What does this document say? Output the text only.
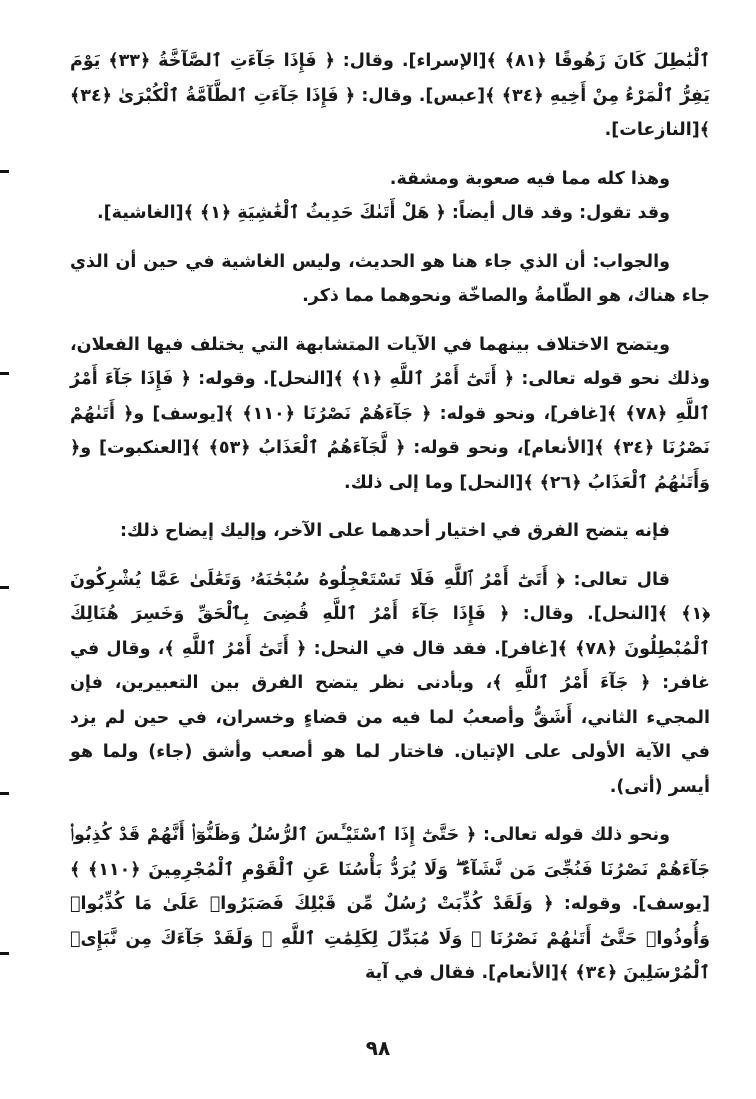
ٱلْبَٰطِلَ كَانَ زَهُوقًا ﴿٨١﴾ ﴾[الإسراء]. وقال: ﴿ فَإِذَا جَآءَتِ ٱلصَّآخَّةُ ﴿٣٣﴾ يَوْمَ يَفِرُّ ٱلْمَرْءُ مِنْ أَخِيهِ ﴿٣٤﴾ ﴾[عبس]. وقال: ﴿ فَإِذَا جَآءَتِ ٱلطَّآمَّةُ ٱلْكُبْرَىٰ ﴿٣٤﴾ ﴾[النازعات].

وهذا كله مما فيه صعوبة ومشقة.

وقد تقول: وقد قال أيضاً: ﴿ هَلْ أَتَىٰكَ حَدِيثُ ٱلْغَٰشِيَةِ ﴿١﴾ ﴾[الغاشية].

والجواب: أن الذي جاء هنا هو الحديث، وليس الغاشية في حين أن الذي جاء هناك، هو الطّامةُ والصاخّة ونحوهما مما ذكر.

ويتضح الاختلاف بينهما في الآيات المتشابهة التي يختلف فيها الفعلان، وذلك نحو قوله تعالى: ﴿ أَتَىٰٓ أَمْرُ ٱللَّهِ ﴿١﴾ ﴾[النحل]. وقوله: ﴿ فَإِذَا جَآءَ أَمْرُ ٱللَّهِ ﴿٧٨﴾ ﴾[غافر]، ونحو قوله: ﴿ جَآءَهُمْ نَصْرُنَا ﴿١١٠﴾ ﴾[يوسف] و﴿ أَتَىٰهُمْ نَصْرُنَا ﴿٣٤﴾ ﴾[الأنعام]، ونحو قوله: ﴿ لَّجَآءَهُمُ ٱلْعَذَابُ ﴿٥٣﴾ ﴾[العنكبوت] و﴿ وَأَتَىٰهُمُ ٱلْعَذَابُ ﴿٢٦﴾ ﴾[النحل] وما إلى ذلك.

فإنه يتضح الفرق في اختيار أحدهما على الآخر، وإليك إيضاح ذلك:

قال تعالى: ﴿ أَتَىٰٓ أَمْرُ ٱللَّهِ فَلَا تَسْتَعْجِلُوهُ سُبْحَٰنَهُۥ وَتَعَٰلَىٰ عَمَّا يُشْرِكُونَ ﴿١﴾ ﴾[النحل]. وقال: ﴿ فَإِذَا جَآءَ أَمْرُ ٱللَّهِ قُضِىَ بِٱلْحَقِّ وَخَسِرَ هُنَالِكَ ٱلْمُبْطِلُونَ ﴿٧٨﴾ ﴾[غافر]. فقد قال في النحل: ﴿ أَتَىٰٓ أَمْرُ ٱللَّهِ ﴾، وقال في غافر: ﴿ جَآءَ أَمْرُ ٱللَّهِ ﴾، وبأدنى نظر يتضح الفرق بين التعبيرين، فإن المجيء الثاني، أَشَقُّ وأصعبُ لما فيه من قضاءٍ وخسران، في حين لم يزد في الآية الأولى على الإتيان. فاختار لما هو أصعب وأشق (جاء) ولما هو أيسر (أتى).

ونحو ذلك قوله تعالى: ﴿ حَتَّىٰٓ إِذَا ٱسْتَيْـَٔسَ ٱلرُّسُلُ وَظَنُّوٓا۟ أَنَّهُمْ قَدْ كُذِبُوا۟ جَآءَهُمْ نَصْرُنَا فَنُجِّىَ مَن نَّشَآءُ ۖ وَلَا يُرَدُّ بَأْسُنَا عَنِ ٱلْقَوْمِ ٱلْمُجْرِمِينَ ﴿١١٠﴾ ﴾[يوسف]. وقوله: ﴿ وَلَقَدْ كُذِّبَتْ رُسُلٌ مِّن قَبْلِكَ فَصَبَرُوا۟ عَلَىٰ مَا كُذِّبُوا۟ وَأُوذُوا۟ حَتَّىٰٓ أَتَىٰهُمْ نَصْرُنَا ۚ وَلَا مُبَدِّلَ لِكَلِمَٰتِ ٱللَّهِ ۚ وَلَقَدْ جَآءَكَ مِن نَّبَإِى۟ ٱلْمُرْسَلِينَ ﴿٣٤﴾ ﴾[الأنعام]. فقال في آية

٩٨
